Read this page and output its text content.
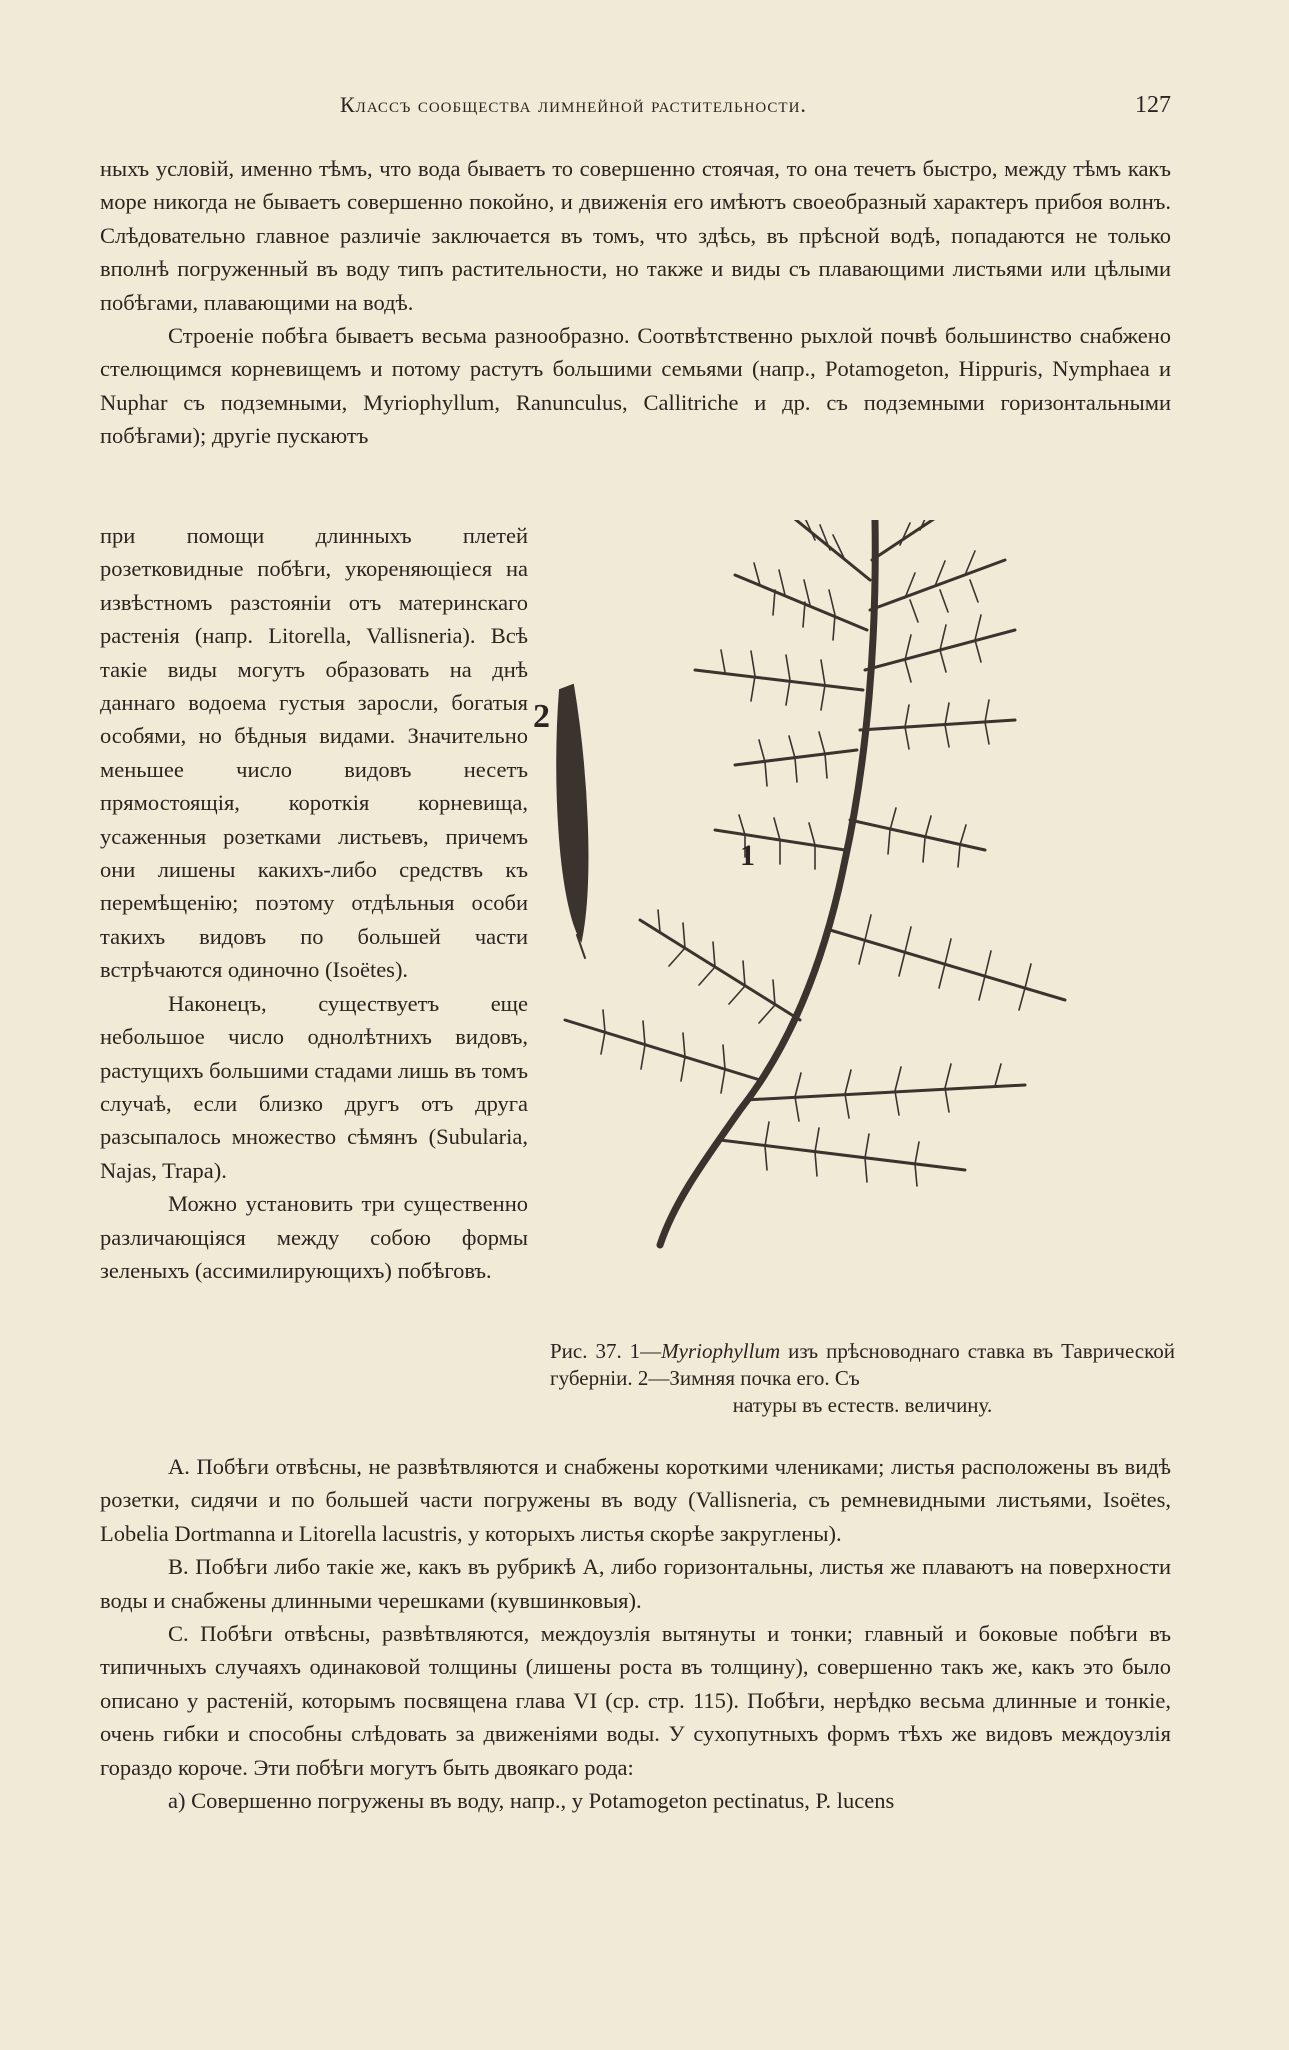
Классъ сообщества лимнейной растительности.	127

ныхъ условій, именно тѣмъ, что вода бываетъ то совершенно стоячая, то она течетъ быстро, между тѣмъ какъ море никогда не бываетъ совершенно покойно, и движенія его имѣютъ своеобразный характеръ прибоя волнъ. Слѣдовательно главное различіе заключается въ томъ, что здѣсь, въ прѣсной водѣ, попадаются не только вполнѣ погруженный въ воду типъ растительности, но также и виды съ плавающими листьями или цѣлыми побѣгами, плавающими на водѣ.

Строеніе побѣга бываетъ весьма разнообразно. Соотвѣтственно рыхлой почвѣ большинство снабжено стелющимся корневищемъ и потому растутъ большими семьями (напр., Potamogeton, Hippuris, Nymphaea и Nuphar съ подземными, Myriophyllum, Ranunculus, Callitriche и др. съ подземными горизонтальными побѣгами); другіе пускаютъ

при помощи длинныхъ плетей розетковидные побѣги, укореняющіеся на извѣстномъ разстояніи отъ материнскаго растенія (напр. Litorella, Vallisneria). Всѣ такіе виды могутъ образовать на днѣ даннаго водоема густыя заросли, богатыя особями, но бѣдныя видами. Значительно меньшее число видовъ несетъ прямостоящія, короткія корневища, усаженныя розетками листьевъ, причемъ они лишены какихъ-либо средствъ къ перемѣщенію; поэтому отдѣльныя особи такихъ видовъ по большей части встрѣчаются одиночно (Isoëtes).

Наконецъ, существуетъ еще небольшое число однолѣтнихъ видовъ, растущихъ большими стадами лишь въ томъ случаѣ, если близко другъ отъ друга разсыпалось множество сѣмянъ (Subularia, Najas, Trapa).

Можно установить три существенно различающіяся между собою формы зеленыхъ (ассимилирующихъ) побѣговъ.

1
2
Рис. 37. 1—Myriophyllum изъ прѣсноводнаго ставка въ Таврической губерніи. 2—Зимняя почка его. Съ
натуры въ естеств. величину.

A. Побѣги отвѣсны, не развѣтвляются и снабжены короткими члениками; листья расположены въ видѣ розетки, сидячи и по большей части погружены въ воду (Vallisneria, съ ремневидными листьями, Isoëtes, Lobelia Dortmanna и Litorella lacustris, у которыхъ листья скорѣе закруглены).

B. Побѣги либо такіе же, какъ въ рубрикѣ A, либо горизонтальны, листья же плаваютъ на поверхности воды и снабжены длинными черешками (кувшинковыя).

C. Побѣги отвѣсны, развѣтвляются, междоузлія вытянуты и тонки; главный и боковые побѣги въ типичныхъ случаяхъ одинаковой толщины (лишены роста въ толщину), совершенно такъ же, какъ это было описано у растеній, которымъ посвящена глава VI (ср. стр. 115). Побѣги, нерѣдко весьма длинные и тонкіе, очень гибки и способны слѣдовать за движеніями воды. У сухопутныхъ формъ тѣхъ же видовъ междоузлія гораздо короче. Эти побѣги могутъ быть двоякаго рода:

a) Совершенно погружены въ воду, напр., у Potamogeton pectinatus, P. lucens
